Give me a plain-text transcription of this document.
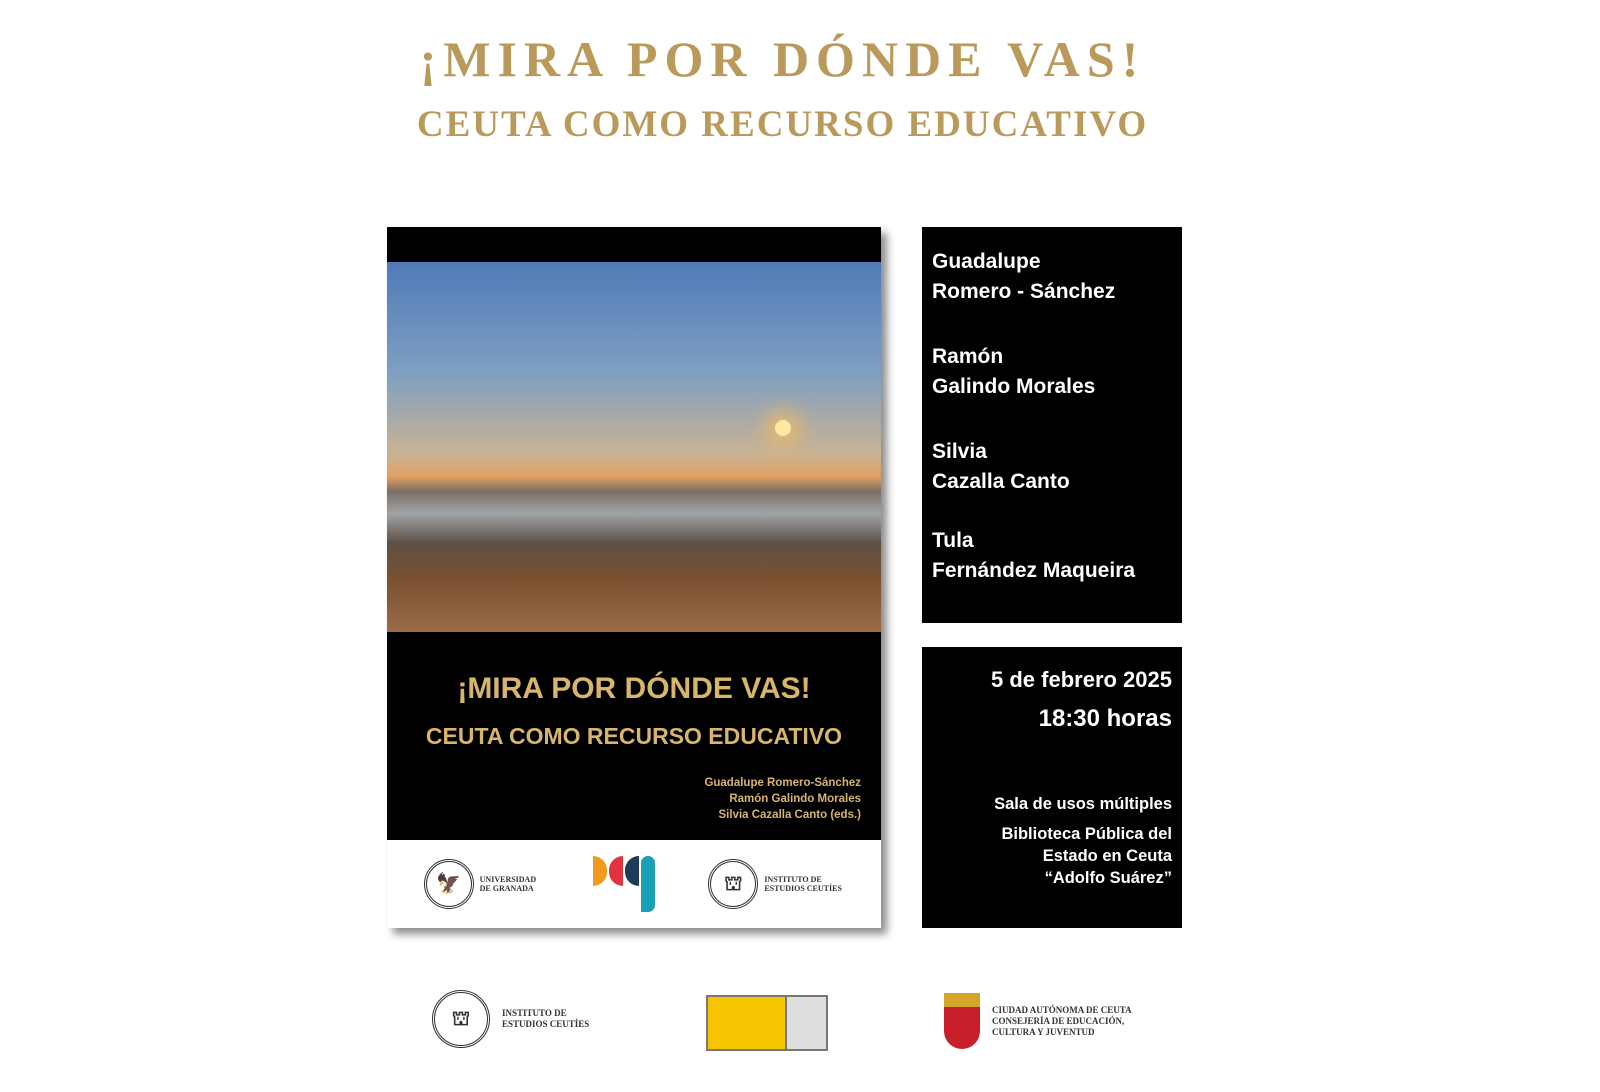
¡MIRA POR DÓNDE VAS!
CEUTA COMO RECURSO EDUCATIVO
¡MIRA POR DÓNDE VAS!
CEUTA COMO RECURSO EDUCATIVO
Guadalupe Romero-Sánchez
Ramón Galindo Morales
Silvia Cazalla Canto (eds.)
🦅	UNIVERSIDAD DE GRANADA	⛫	INSTITUTO DE ESTUDIOS CEUTÍES

Guadalupe
Romero - Sánchez

Ramón
Galindo Morales

Silvia
Cazalla Canto

Tula
Fernández Maqueira

5 de febrero 2025
18:30 horas
Sala de usos múltiples
Biblioteca Pública del
Estado en Ceuta
“Adolfo Suárez”
⛫	INSTITUTO DE
ESTUDIOS CEUTÍES
CIUDAD AUTÓNOMA DE CEUTA
CONSEJERÍA DE EDUCACIÓN,
CULTURA Y JUVENTUD
